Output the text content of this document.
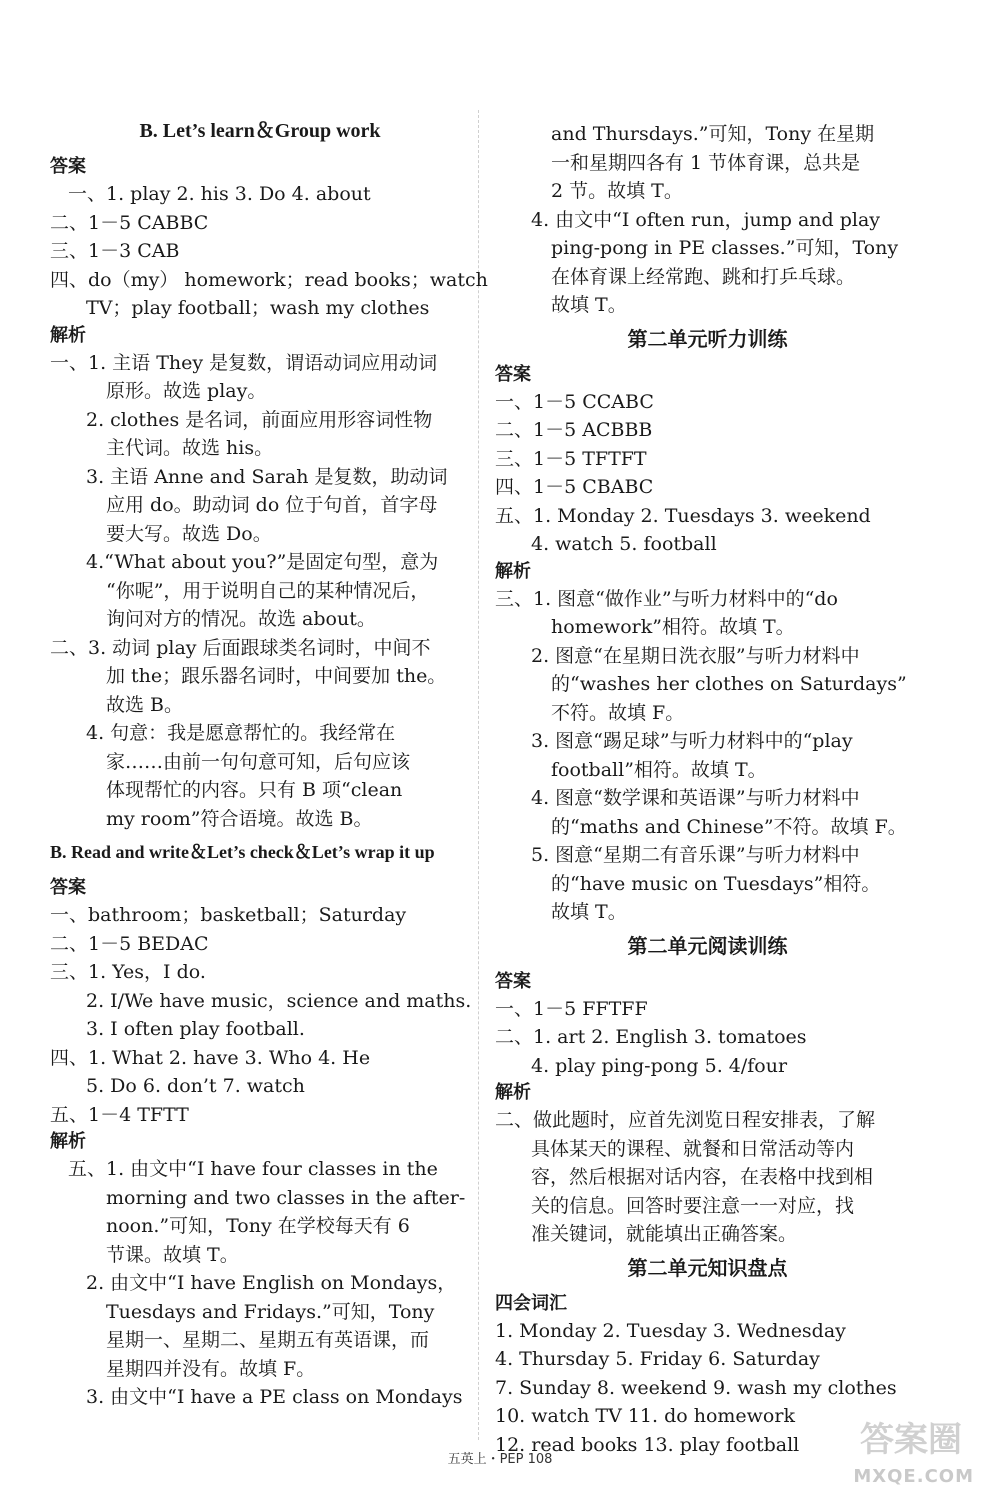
B. Let’s learn＆Group work
答案
一、1. play 2. his 3. Do 4. about
二、1－5 CABBC
三、1－3 CAB
四、do（my） homework；read books；watch
TV；play football；wash my clothes
解析
一、1. 主语 They 是复数，谓语动词应用动词
原形。故选 play。
2. clothes 是名词，前面应用形容词性物
主代词。故选 his。
3. 主语 Anne and Sarah 是复数，助动词
应用 do。助动词 do 位于句首，首字母
要大写。故选 Do。
4.“What about you?”是固定句型，意为
“你呢”，用于说明自己的某种情况后，
询问对方的情况。故选 about。
二、3. 动词 play 后面跟球类名词时，中间不
加 the；跟乐器名词时，中间要加 the。
故选 B。
4. 句意：我是愿意帮忙的。我经常在
家……由前一句句意可知，后句应该
体现帮忙的内容。只有 B 项“clean
my room”符合语境。故选 B。
B. Read and write＆Let’s check＆Let’s wrap it up
答案
一、bathroom；basketball；Saturday
二、1－5 BEDAC
三、1. Yes，I do.
2. I/We have music，science and maths.
3. I often play football.
四、1. What 2. have 3. Who 4. He
5. Do 6. don’t 7. watch
五、1－4 TFTT
解析
五、1. 由文中“I have four classes in the
morning and two classes in the after-
noon.”可知，Tony 在学校每天有 6
节课。故填 T。
2. 由文中“I have English on Mondays，
Tuesdays and Fridays.”可知，Tony
星期一、星期二、星期五有英语课，而
星期四并没有。故填 F。
3. 由文中“I have a PE class on Mondays
and Thursdays.”可知，Tony 在星期
一和星期四各有 1 节体育课，总共是
2 节。故填 T。
4. 由文中“I often run，jump and play
ping-pong in PE classes.”可知，Tony
在体育课上经常跑、跳和打乒乓球。
故填 T。
第二单元听力训练
答案
一、1－5 CCABC
二、1－5 ACBBB
三、1－5 TFTFT
四、1－5 CBABC
五、1. Monday 2. Tuesdays 3. weekend
4. watch 5. football
解析
三、1. 图意“做作业”与听力材料中的“do
homework”相符。故填 T。
2. 图意“在星期日洗衣服”与听力材料中
的“washes her clothes on Saturdays”
不符。故填 F。
3. 图意“踢足球”与听力材料中的“play
football”相符。故填 T。
4. 图意“数学课和英语课”与听力材料中
的“maths and Chinese”不符。故填 F。
5. 图意“星期二有音乐课”与听力材料中
的“have music on Tuesdays”相符。
故填 T。
第二单元阅读训练
答案
一、1－5 FFTFF
二、1. art 2. English 3. tomatoes
4. play ping-pong 5. 4/four
解析
二、做此题时，应首先浏览日程安排表，了解
具体某天的课程、就餐和日常活动等内
容，然后根据对话内容，在表格中找到相
关的信息。回答时要注意一一对应，找
准关键词，就能填出正确答案。
第二单元知识盘点
四会词汇
1. Monday 2. Tuesday 3. Wednesday
4. Thursday 5. Friday 6. Saturday
7. Sunday 8. weekend 9. wash my clothes
10. watch TV 11. do homework
12. read books 13. play football
五英上・PEP 108	答案圈
MXQE.COM
